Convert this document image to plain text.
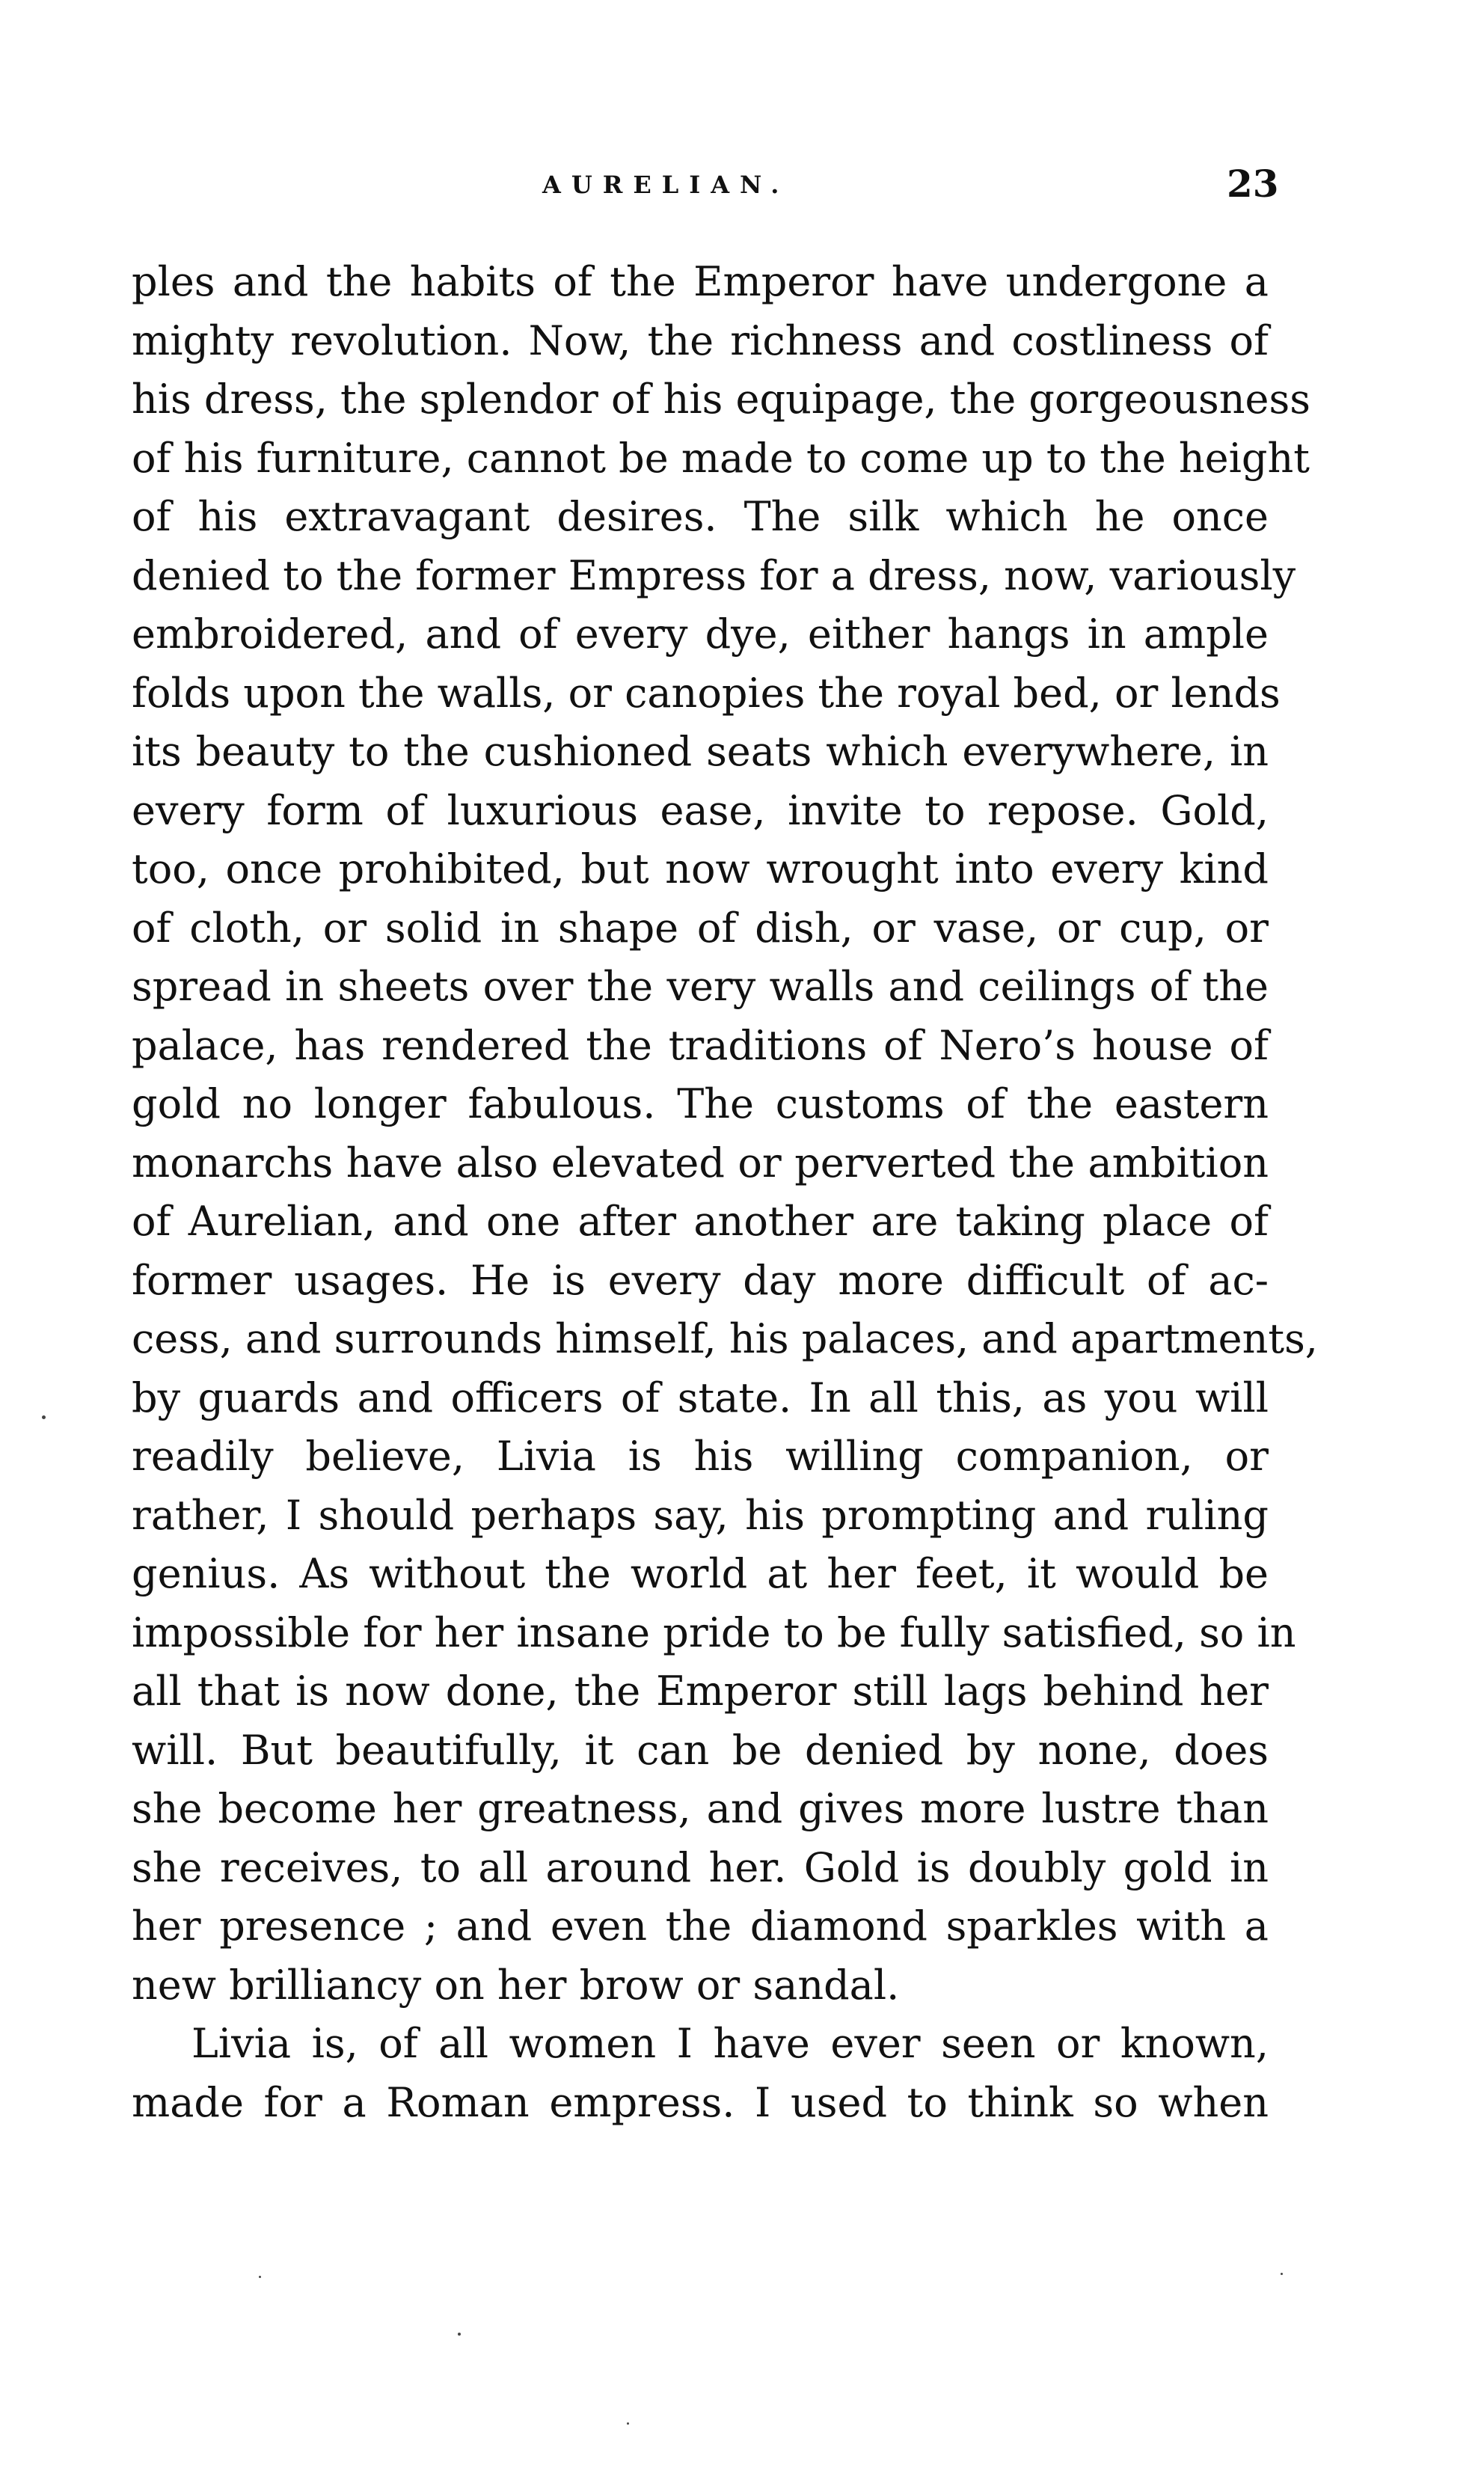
AURELIAN.	23
ples and the habits of the Emperor have undergone a
mighty revolution. Now, the richness and costliness of
his dress, the splendor of his equipage, the gorgeousness
of his furniture, cannot be made to come up to the height
of his extravagant desires. The silk which he once
denied to the former Empress for a dress, now, variously
embroidered, and of every dye, either hangs in ample
folds upon the walls, or canopies the royal bed, or lends
its beauty to the cushioned seats which everywhere, in
every form of luxurious ease, invite to repose. Gold,
too, once prohibited, but now wrought into every kind
of cloth, or solid in shape of dish, or vase, or cup, or
spread in sheets over the very walls and ceilings of the
palace, has rendered the traditions of Nero’s house of
gold no longer fabulous. The customs of the eastern
monarchs have also elevated or perverted the ambition
of Aurelian, and one after another are taking place of
former usages. He is every day more difficult of ac-
cess, and surrounds himself, his palaces, and apartments,
by guards and officers of state. In all this, as you will
readily believe, Livia is his willing companion, or
rather, I should perhaps say, his prompting and ruling
genius. As without the world at her feet, it would be
impossible for her insane pride to be fully satisfied, so in
all that is now done, the Emperor still lags behind her
will. But beautifully, it can be denied by none, does
she become her greatness, and gives more lustre than
she receives, to all around her. Gold is doubly gold in
her presence ; and even the diamond sparkles with a
new brilliancy on her brow or sandal.
Livia is, of all women I have ever seen or known,
made for a Roman empress. I used to think so when
